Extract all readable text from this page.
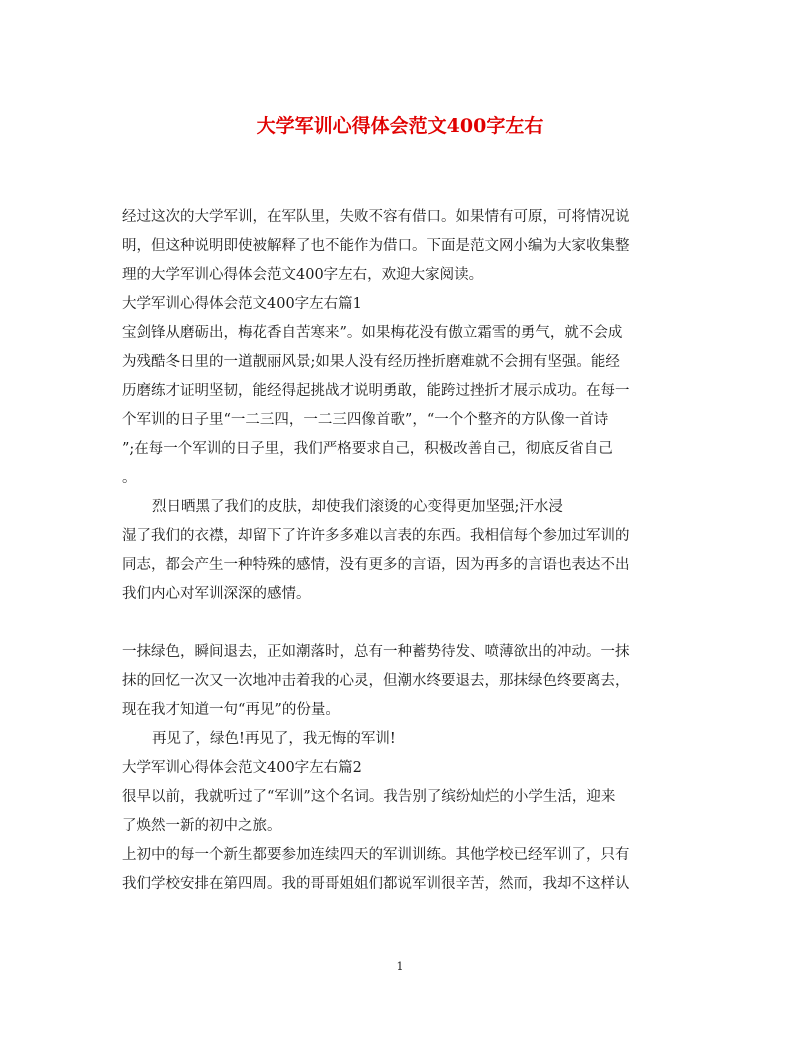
大学军训心得体会范文400字左右

经过这次的大学军训，在军队里，失败不容有借口。如果情有可原，可将情况说

明，但这种说明即使被解释了也不能作为借口。下面是范文网小编为大家收集整

理的大学军训心得体会范文400字左右，欢迎大家阅读。

大学军训心得体会范文400字左右篇1

宝剑锋从磨砺出，梅花香自苦寒来”。如果梅花没有傲立霜雪的勇气，就不会成

为残酷冬日里的一道靓丽风景;如果人没有经历挫折磨难就不会拥有坚强。能经

历磨练才证明坚韧，能经得起挑战才说明勇敢，能跨过挫折才展示成功。在每一

个军训的日子里“一二三四，一二三四像首歌”，“一个个整齐的方队像一首诗

”;在每一个军训的日子里，我们严格要求自己，积极改善自己，彻底反省自己

。

烈日晒黑了我们的皮肤，却使我们滚烫的心变得更加坚强;汗水浸

湿了我们的衣襟，却留下了许许多多难以言表的东西。我相信每个参加过军训的

同志，都会产生一种特殊的感情，没有更多的言语，因为再多的言语也表达不出

我们内心对军训深深的感情。

一抹绿色，瞬间退去，正如潮落时，总有一种蓄势待发、喷薄欲出的冲动。一抹

抹的回忆一次又一次地冲击着我的心灵，但潮水终要退去，那抹绿色终要离去，

现在我才知道一句“再见”的份量。

再见了，绿色!再见了，我无悔的军训!

大学军训心得体会范文400字左右篇2

很早以前，我就听过了“军训”这个名词。我告别了缤纷灿烂的小学生活，迎来

了焕然一新的初中之旅。

上初中的每一个新生都要参加连续四天的军训训练。其他学校已经军训了，只有

我们学校安排在第四周。我的哥哥姐姐们都说军训很辛苦，然而，我却不这样认

1
